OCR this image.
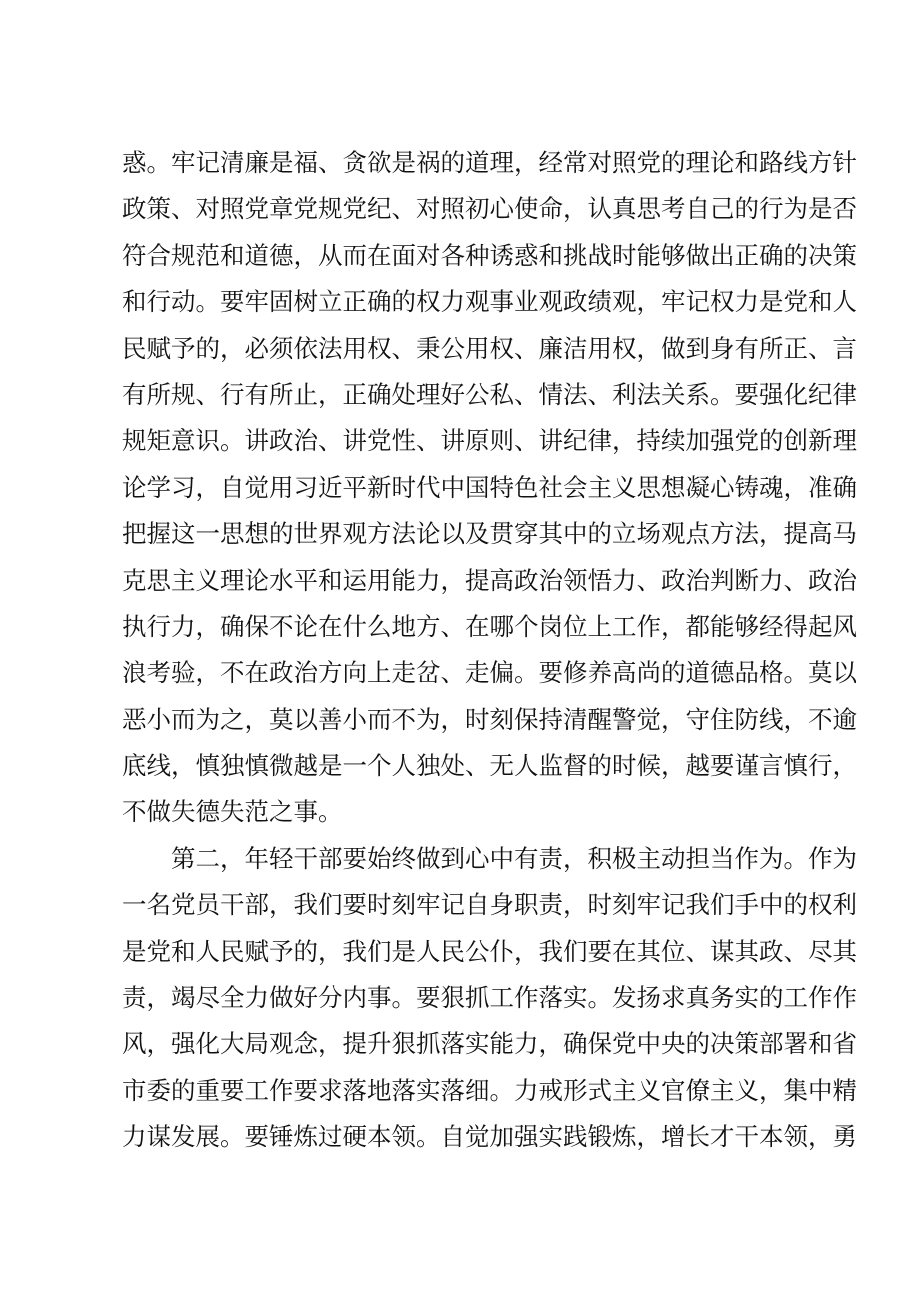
惑。牢记清廉是福、贪欲是祸的道理，经常对照党的理论和路线方针
政策、对照党章党规党纪、对照初心使命，认真思考自己的行为是否
符合规范和道德，从而在面对各种诱惑和挑战时能够做出正确的决策
和行动。要牢固树立正确的权力观事业观政绩观，牢记权力是党和人
民赋予的，必须依法用权、秉公用权、廉洁用权，做到身有所正、言
有所规、行有所止，正确处理好公私、情法、利法关系。要强化纪律
规矩意识。讲政治、讲党性、讲原则、讲纪律，持续加强党的创新理
论学习，自觉用习近平新时代中国特色社会主义思想凝心铸魂，准确
把握这一思想的世界观方法论以及贯穿其中的立场观点方法，提高马
克思主义理论水平和运用能力，提高政治领悟力、政治判断力、政治
执行力，确保不论在什么地方、在哪个岗位上工作，都能够经得起风
浪考验，不在政治方向上走岔、走偏。要修养高尚的道德品格。莫以
恶小而为之，莫以善小而不为，时刻保持清醒警觉，守住防线，不逾
底线，慎独慎微越是一个人独处、无人监督的时候，越要谨言慎行，
不做失德失范之事。
第二，年轻干部要始终做到心中有责，积极主动担当作为。作为
一名党员干部，我们要时刻牢记自身职责，时刻牢记我们手中的权利
是党和人民赋予的，我们是人民公仆，我们要在其位、谋其政、尽其
责，竭尽全力做好分内事。要狠抓工作落实。发扬求真务实的工作作
风，强化大局观念，提升狠抓落实能力，确保党中央的决策部署和省
市委的重要工作要求落地落实落细。力戒形式主义官僚主义，集中精
力谋发展。要锤炼过硬本领。自觉加强实践锻炼，增长才干本领，勇
